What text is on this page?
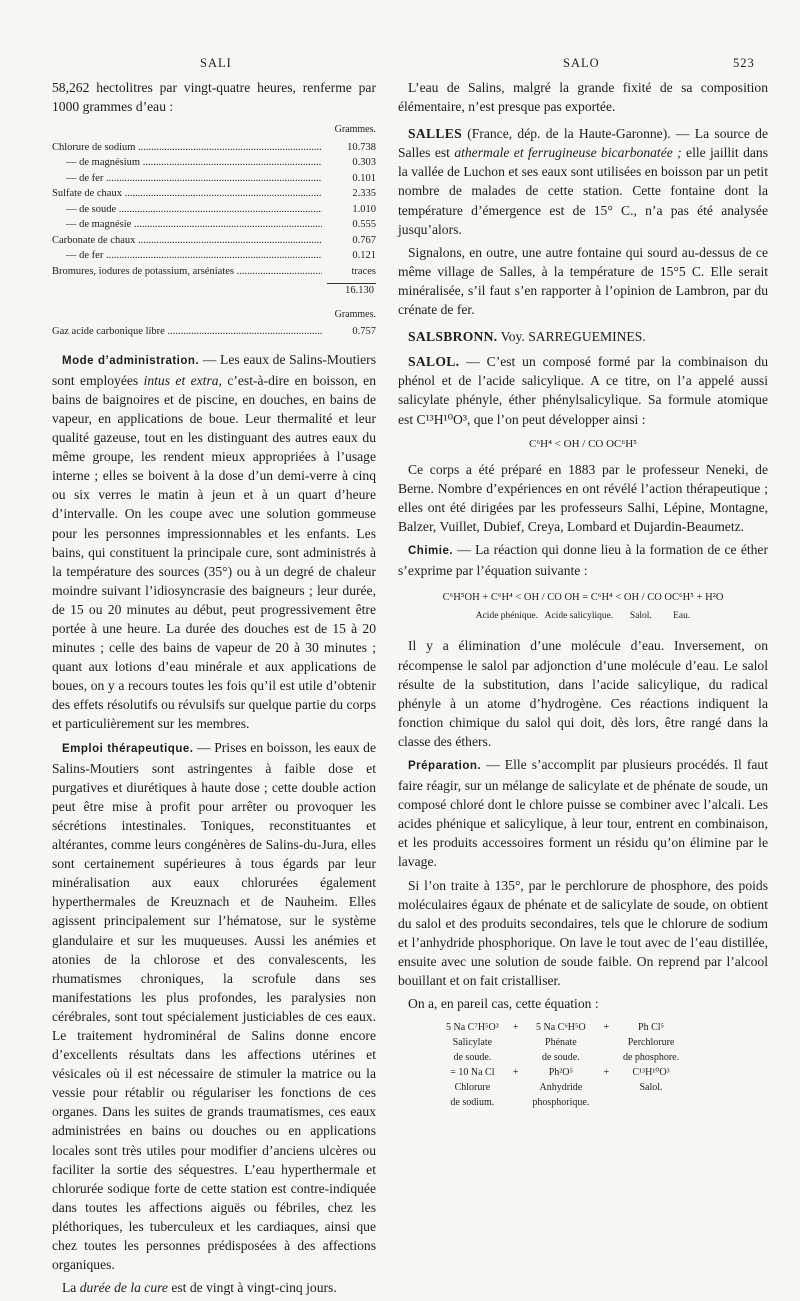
SALI	SALO	523

58,262 hectolitres par vingt-quatre heures, renferme par 1000 grammes d’eau :

Grammes.
Chlorure de sodium .....	10.738
— de magnésium .....	0.303
— de fer .....	0.101
Sulfate de chaux .....	2.335
— de soude .....	1.010
— de magnésie .....	0.555
Carbonate de chaux .....	0.767
— de fer .....	0.121
Bromures, iodures de potassium, arséniates .....	traces
16.130
Grammes.
Gaz acide carbonique libre .....	0.757

Mode d’administration. — Les eaux de Salins-Moutiers sont employées intus et extra, c’est-à-dire en boisson, en bains de baignoires et de piscine, en douches, en bains de vapeur, en applications de boue. Leur thermalité et leur qualité gazeuse, tout en les distinguant des autres eaux du même groupe, les rendent mieux appropriées à l’usage interne ; elles se boivent à la dose d’un demi-verre à cinq ou six verres le matin à jeun et à un quart d’heure d’intervalle. On les coupe avec une solution gommeuse pour les personnes impressionnables et les enfants. Les bains, qui constituent la principale cure, sont administrés à la température des sources (35°) ou à un degré de chaleur moindre suivant l’idiosyncrasie des baigneurs ; leur durée, de 15 ou 20 minutes au début, peut progressivement être portée à une heure. La durée des douches est de 15 à 20 minutes ; celle des bains de vapeur de 20 à 30 minutes ; quant aux lotions d’eau minérale et aux applications de boues, on y a recours toutes les fois qu’il est utile d’obtenir des effets résolutifs ou révulsifs sur quelque partie du corps et particulièrement sur les membres.

Emploi thérapeutique. — Prises en boisson, les eaux de Salins-Moutiers sont astringentes à faible dose et purgatives et diurétiques à haute dose ; cette double action peut être mise à profit pour arrêter ou provoquer les sécrétions intestinales. Toniques, reconstituantes et altérantes, comme leurs congénères de Salins-du-Jura, elles sont certainement supérieures à tous égards par leur minéralisation aux eaux chlorurées également hyperthermales de Kreuznach et de Nauheim. Elles agissent principalement sur l’hématose, sur le système glandulaire et sur les muqueuses. Aussi les anémies et atonies de la chlorose et des convalescents, les rhumatismes chroniques, la scrofule dans ses manifestations les plus profondes, les paralysies non cérébrales, sont tout spécialement justiciables de ces eaux. Le traitement hydrominéral de Salins donne encore d’excellents résultats dans les affections utérines et vésicales où il est nécessaire de stimuler la matrice ou la vessie pour rétablir ou régulariser les fonctions de ces organes. Dans les suites de grands traumatismes, ces eaux administrées en bains ou douches ou en applications locales sont très utiles pour modifier d’anciens ulcères ou faciliter la sortie des séquestres. L’eau hyperthermale et chlorurée sodique forte de cette station est contre-indiquée dans toutes les affections aiguës ou fébriles, chez les pléthoriques, les tuberculeux et les cardiaques, ainsi que chez toutes les personnes prédisposées à des affections organiques.

La durée de la cure est de vingt à vingt-cinq jours.

L’eau de Salins, malgré la grande fixité de sa composition élémentaire, n’est presque pas exportée.

SALLES (France, dép. de la Haute-Garonne). — La source de Salles est athermale et ferrugineuse bicarbonatée ; elle jaillit dans la vallée de Luchon et ses eaux sont utilisées en boisson par un petit nombre de malades de cette station. Cette fontaine dont la température d’émergence est de 15° C., n’a pas été analysée jusqu’alors.

Signalons, en outre, une autre fontaine qui sourd au-dessus de ce même village de Salles, à la température de 15°5 C. Elle serait minéralisée, s’il faut s’en rapporter à l’opinion de Lambron, par du crénate de fer.

SALSBRONN. Voy. SARREGUEMINES.

SALOL. — C’est un composé formé par la combinaison du phénol et de l’acide salicylique. A ce titre, on l’a appelé aussi salicylate phényle, éther phénylsalicylique. Sa formule atomique est C¹³H¹⁰O³, que l’on peut développer ainsi :

C⁶H⁴ < OH / CO OC⁶H⁵

Ce corps a été préparé en 1883 par le professeur Neneki, de Berne. Nombre d’expériences en ont révélé l’action thérapeutique ; elles ont été dirigées par les professeurs Salhi, Lépine, Montagne, Balzer, Vuillet, Dubief, Creya, Lombard et Dujardin-Beaumetz.

Chimie. — La réaction qui donne lieu à la formation de ce éther s’exprime par l’équation suivante :

C⁶H⁵OH + C⁶H⁴ < OH / CO OH = C⁶H⁴ < OH / CO OC⁶H⁵ + H²O
Acide phénique. Acide salicylique. Salol. Eau.

Il y a élimination d’une molécule d’eau. Inversement, on récompense le salol par adjonction d’une molécule d’eau. Le salol résulte de la substitution, dans l’acide salicylique, du radical phényle à un atome d’hydrogène. Ces réactions indiquent la fonction chimique du salol qui doit, dès lors, être rangé dans la classe des éthers.

Préparation. — Elle s’accomplit par plusieurs procédés. Il faut faire réagir, sur un mélange de salicylate et de phénate de soude, un composé chloré dont le chlore puisse se combiner avec l’alcali. Les acides phénique et salicylique, à leur tour, entrent en combinaison, et les produits accessoires forment un résidu qu’on élimine par le lavage.

Si l’on traite à 135°, par le perchlorure de phosphore, des poids moléculaires égaux de phénate et de salicylate de soude, on obtient du salol et des produits secondaires, tels que le chlorure de sodium et l’anhydride phosphorique. On lave le tout avec de l’eau distillée, ensuite avec une solution de soude faible. On reprend par l’alcool bouillant et on fait cristalliser.

On a, en pareil cas, cette équation :

5 Na C⁷H⁵O³	+	5 Na C⁶H⁵O	+	Ph Cl⁵
Salicylate		Phénate		Perchlorure
de soude.		de soude.		de phosphore.
= 10 Na Cl	+	Ph²O⁵	+	C¹³H¹⁰O³
Chlorure		Anhydride		Salol.
de sodium.		phosphorique.		
